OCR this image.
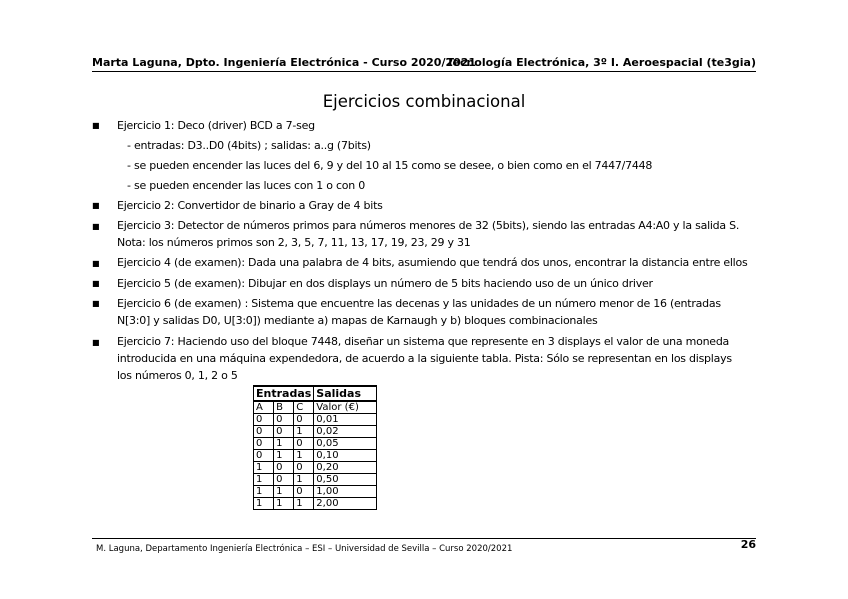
Marta Laguna, Dpto. Ingeniería Electrónica - Curso 2020/2021
Tecnología Electrónica, 3º I. Aeroespacial (te3gia)
Ejercicios combinacional
■ Ejercicio 1: Deco (driver) BCD a 7-seg
- entradas: D3..D0 (4bits) ; salidas: a..g (7bits)
- se pueden encender las luces del 6, 9 y del 10 al 15 como se desee, o bien como en el 7447/7448
- se pueden encender las luces con 1 o con 0
■ Ejercicio 2: Convertidor de binario a Gray de 4 bits
■ Ejercicio 3: Detector de números primos para números menores de 32 (5bits), siendo las entradas A4:A0 y la salida S.
Nota: los números primos son 2, 3, 5, 7, 11, 13, 17, 19, 23, 29 y 31
■ Ejercicio 4 (de examen): Dada una palabra de 4 bits, asumiendo que tendrá dos unos, encontrar la distancia entre ellos
■ Ejercicio 5 (de examen): Dibujar en dos displays un número de 5 bits haciendo uso de un único driver
■ Ejercicio 6 (de examen) : Sistema que encuentre las decenas y las unidades de un número menor de 16 (entradas
N[3:0] y salidas D0, U[3:0]) mediante a) mapas de Karnaugh y b) bloques combinacionales
■ Ejercicio 7: Haciendo uso del bloque 7448, diseñar un sistema que represente en 3 displays el valor de una moneda
introducida en una máquina expendedora, de acuerdo a la siguiente tabla. Pista: Sólo se representan en los displays
los números 0, 1, 2 o 5
Entradas			Salidas
A	B	C	Valor (€)
0	0	0	0,01
0	0	1	0,02
0	1	0	0,05
0	1	1	0,10
1	0	0	0,20
1	0	1	0,50
1	1	0	1,00
1	1	1	2,00
M. Laguna, Departamento Ingeniería Electrónica – ESI – Universidad de Sevilla – Curso 2020/2021	26
